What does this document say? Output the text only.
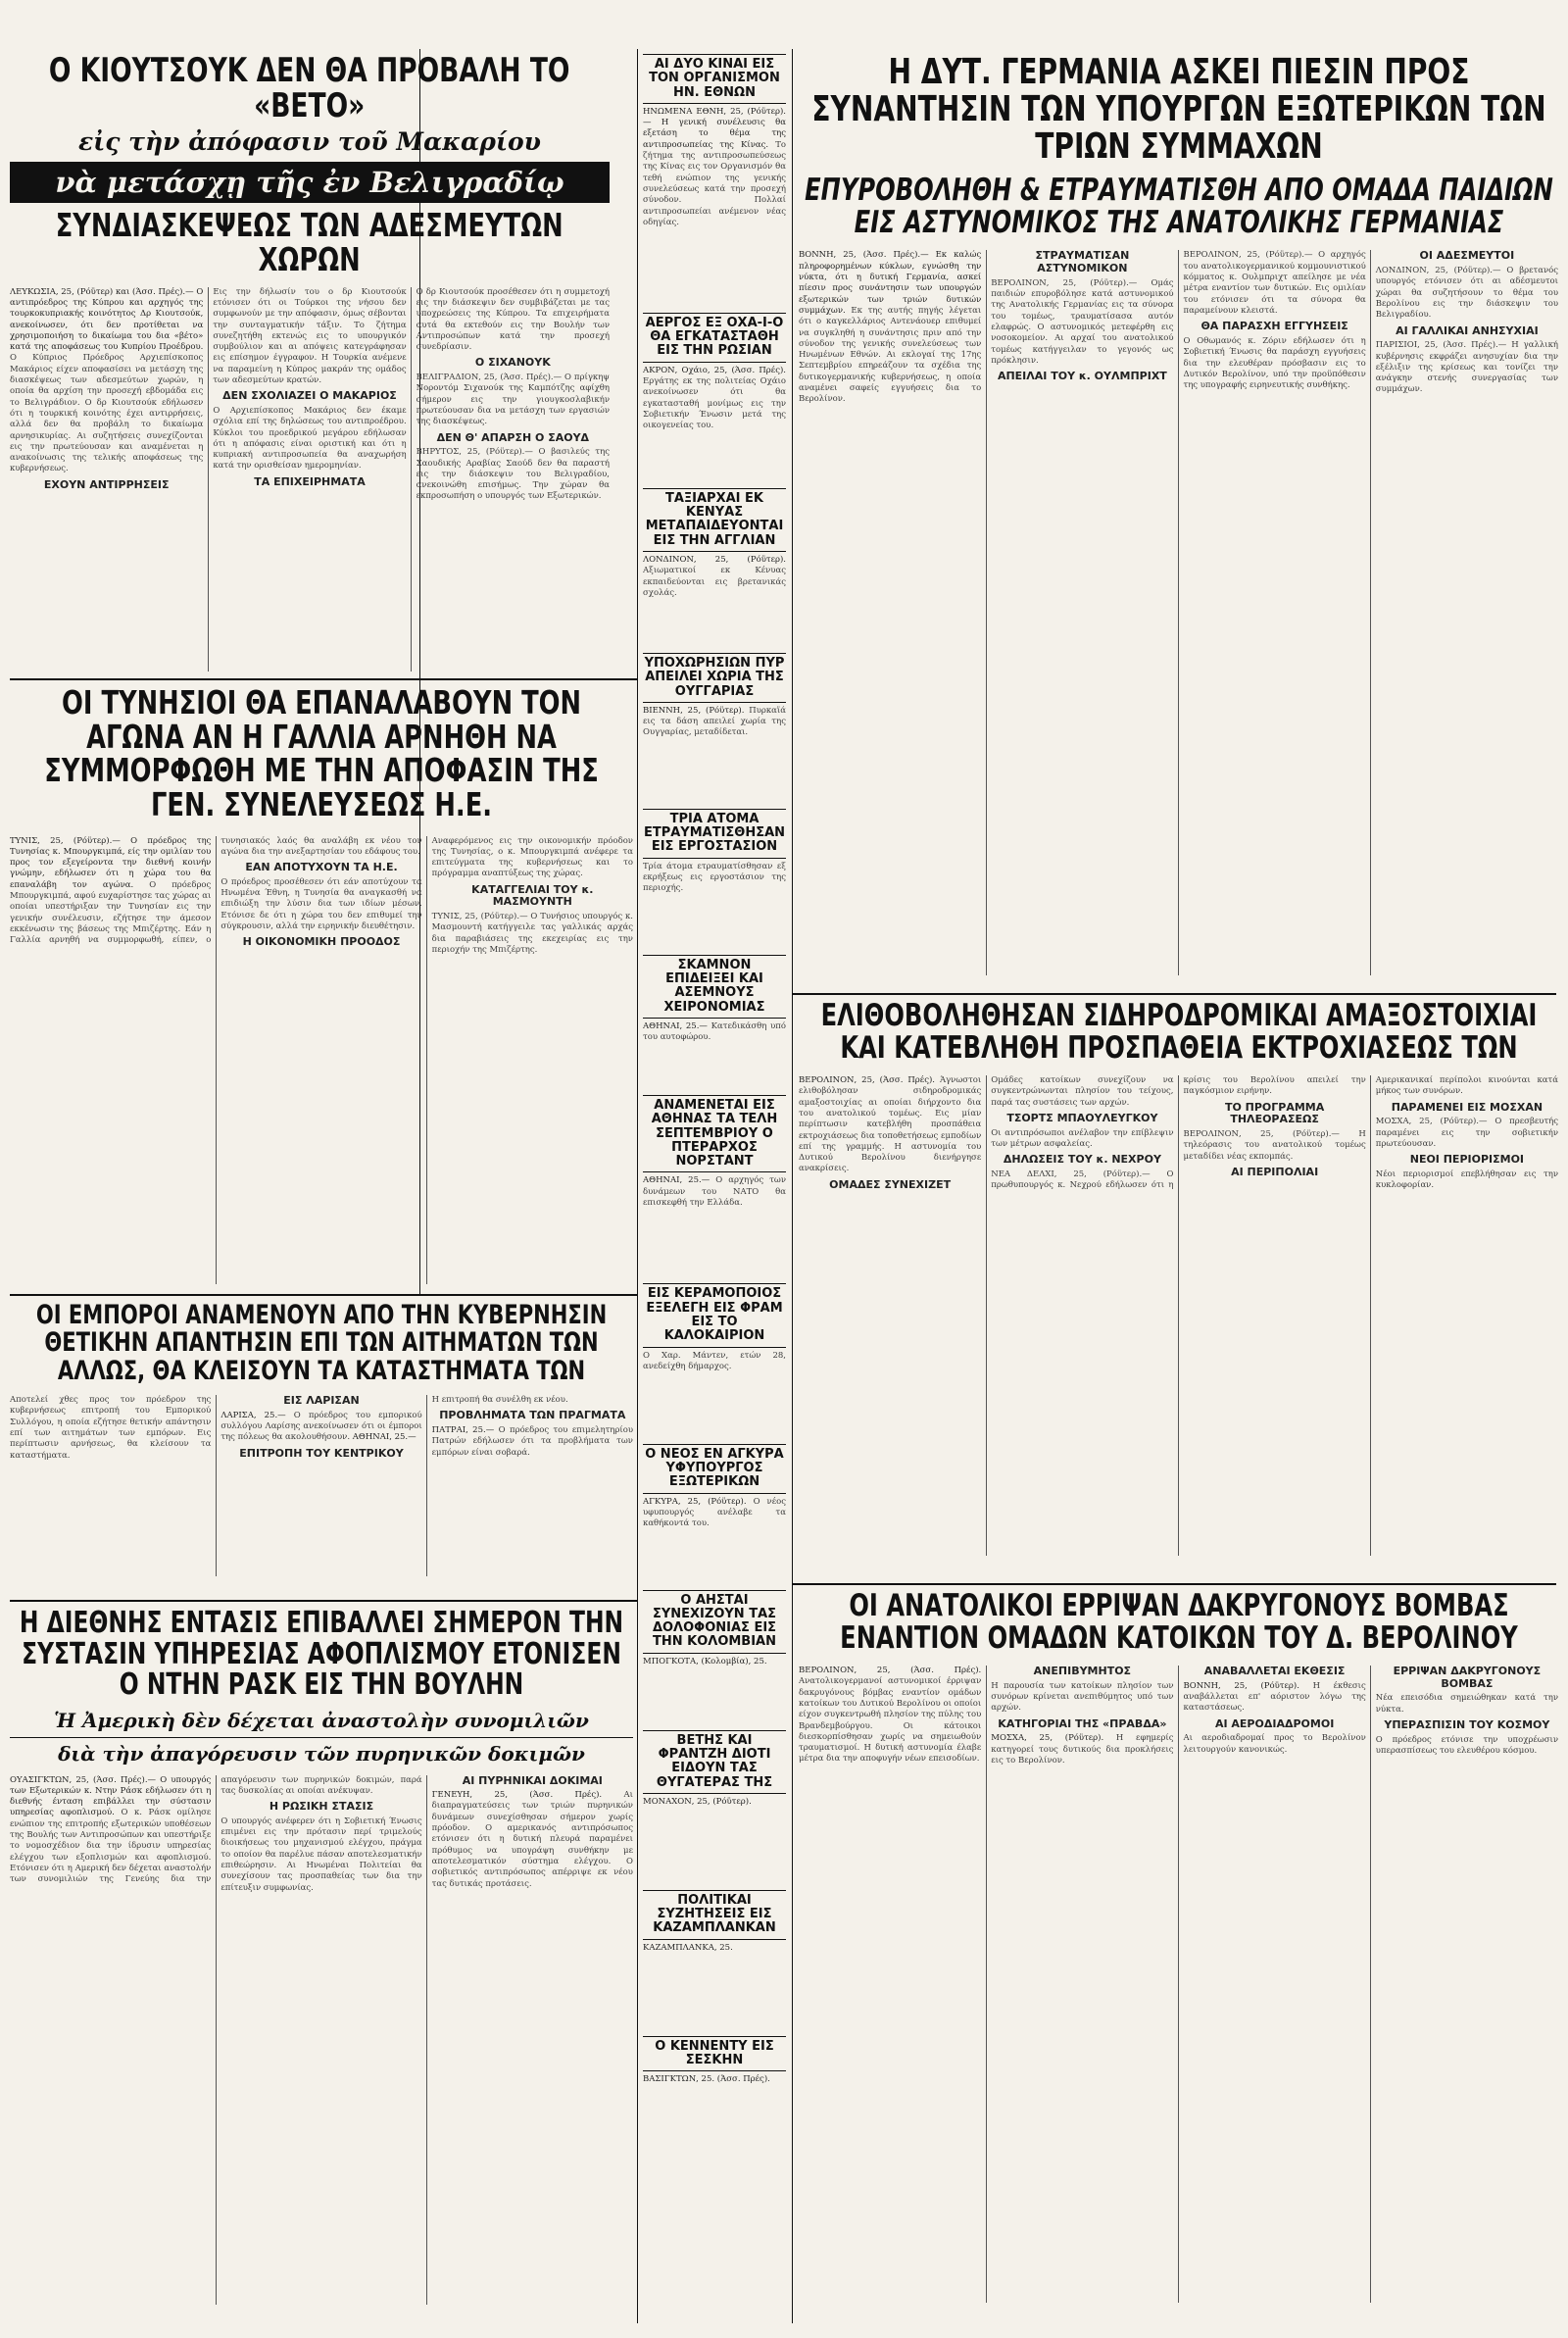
Ο ΚΙΟΥΤΣΟΥΚ ΔΕΝ ΘΑ ΠΡΟΒΑΛΗ ΤΟ «ΒΕΤΟ»
εἰς τὴν ἀπόφασιν τοῦ Μακαρίου
νὰ μετάσχῃ τῆς ἐν Βελιγραδίῳ
ΣΥΝΔΙΑΣΚΕΨΕΩΣ ΤΩΝ ΑΔΕΣΜΕΥΤΩΝ ΧΩΡΩΝ
ΛΕΥΚΩΣΙΑ, 25, (Ρόϋτερ) και (Άσσ. Πρές).— Ο αντιπρόεδρος της Κύπρου και αρχηγός της τουρκοκυπριακής κοινότητος Δρ Κιουτσούκ, ανεκοίνωσεν, ότι δεν προτίθεται να χρησιμοποιήση το δικαίωμα του δια «βέτο» κατά της αποφάσεως του Κυπρίου Προέδρου. Ο Κύπριος Πρόεδρος Αρχιεπίσκοπος Μακάριος είχεν αποφασίσει να μετάσχη της διασκέψεως των αδεσμεύτων χωρών, η οποία θα αρχίση την προσεχή εβδομάδα εις το Βελιγράδιον. Ο δρ Κιουτσούκ εδήλωσεν ότι η τουρκική κοινότης έχει αντιρρήσεις, αλλά δεν θα προβάλη το δικαίωμα αρνησικυρίας. Αι συζητήσεις συνεχίζονται εις την πρωτεύουσαν και αναμένεται η ανακοίνωσις της τελικής αποφάσεως της κυβερνήσεως.
ΕΧΟΥΝ ΑΝΤΙΡΡΗΣΕΙΣ
Εις την δήλωσίν του ο δρ Κιουτσούκ ετόνισεν ότι οι Τούρκοι της νήσου δεν συμφωνούν με την απόφασιν, όμως σέβονται την συνταγματικήν τάξιν. Το ζήτημα συνεζητήθη εκτενώς εις το υπουργικόν συμβούλιον και αι απόψεις κατεγράφησαν εις επίσημον έγγραφον. Η Τουρκία ανέμενε να παραμείνη η Κύπρος μακράν της ομάδος των αδεσμεύτων κρατών.
ΔΕΝ ΣΧΟΛΙΑΖΕΙ Ο ΜΑΚΑΡΙΟΣ
Ο Αρχιεπίσκοπος Μακάριος δεν έκαμε σχόλια επί της δηλώσεως του αντιπροέδρου. Κύκλοι του προεδρικού μεγάρου εδήλωσαν ότι η απόφασις είναι οριστική και ότι η κυπριακή αντιπροσωπεία θα αναχωρήση κατά την ορισθείσαν ημερομηνίαν.
ΤΑ ΕΠΙΧΕΙΡΗΜΑΤΑ
Ο δρ Κιουτσούκ προσέθεσεν ότι η συμμετοχή εις την διάσκεψιν δεν συμβιβάζεται με τας υποχρεώσεις της Κύπρου. Τα επιχειρήματα αυτά θα εκτεθούν εις την Βουλήν των Αντιπροσώπων κατά την προσεχή συνεδρίασιν.
Ο ΣΙΧΑΝΟΥΚ
ΒΕΛΙΓΡΑΔΙΟΝ, 25, (Άσσ. Πρές).— Ο πρίγκηψ Νοροντόμ Σιχανούκ της Καμπότζης αφίχθη σήμερον εις την γιουγκοσλαβικήν πρωτεύουσαν δια να μετάσχη των εργασιών της διασκέψεως.
ΔΕΝ Θ' ΑΠΑΡΣΗ Ο ΣΑΟΥΔ
ΒΗΡΥΤΟΣ, 25, (Ρόϋτερ).— Ο βασιλεύς της Σαουδικής Αραβίας Σαούδ δεν θα παραστή εις την διάσκεψιν του Βελιγραδίου, ανεκοινώθη επισήμως. Την χώραν θα εκπροσωπήση ο υπουργός των Εξωτερικών.
ΑΙ ΔΥΟ ΚΙΝΑΙ ΕΙΣ ΤΟΝ ΟΡΓΑΝΙΣΜΟΝ ΗΝ. ΕΘΝΩΝ
ΗΝΩΜΕΝΑ ΕΘΝΗ, 25, (Ρόϋτερ).— Η γενική συνέλευσις θα εξετάση το θέμα της αντιπροσωπείας της Κίνας. Το ζήτημα της αντιπροσωπεύσεως της Κίνας εις τον Οργανισμόν θα τεθή ενώπιον της γενικής συνελεύσεως κατά την προσεχή σύνοδον. Πολλαί αντιπροσωπείαι ανέμενον νέας οδηγίας.
ΑΕΡΓΟΣ ΕΞ ΟΧΑ-Ι-Ο ΘΑ ΕΓΚΑΤΑΣΤΑΘΗ ΕΙΣ ΤΗΝ ΡΩΣΙΑΝ
ΑΚΡΟΝ, Οχάιο, 25, (Άσσ. Πρές). Εργάτης εκ της πολιτείας Οχάιο ανεκοίνωσεν ότι θα εγκατασταθή μονίμως εις την Σοβιετικήν Ένωσιν μετά της οικογενείας του.
ΤΑΞΙΑΡΧΑΙ ΕΚ ΚΕΝΥΑΣ ΜΕΤΑΠΑΙΔΕΥΟΝΤΑΙ ΕΙΣ ΤΗΝ ΑΓΓΛΙΑΝ
ΛΟΝΔΙΝΟΝ, 25, (Ρόϋτερ). Αξιωματικοί εκ Κένυας εκπαιδεύονται εις βρετανικάς σχολάς.
ΥΠΟΧΩΡΗΣΙΩΝ ΠΥΡ ΑΠΕΙΛΕΙ ΧΩΡΙΑ ΤΗΣ ΟΥΓΓΑΡΙΑΣ
ΒΙΕΝΝΗ, 25, (Ρόϋτερ). Πυρκαϊά εις τα δάση απειλεί χωρία της Ουγγαρίας, μεταδίδεται.
ΤΡΙΑ ΑΤΟΜΑ ΕΤΡΑΥΜΑΤΙΣΘΗΣΑΝ ΕΙΣ ΕΡΓΟΣΤΑΣΙΟΝ
Τρία άτομα ετραυματίσθησαν εξ εκρήξεως εις εργοστάσιον της περιοχής.
ΣΚΑΜΝΟΝ ΕΠΙΔΕΙΞΕΙ ΚΑΙ ΑΣΕΜΝΟΥΣ ΧΕΙΡΟΝΟΜΙΑΣ
ΑΘΗΝΑΙ, 25.— Κατεδικάσθη υπό του αυτοφώρου.
ΑΝΑΜΕΝΕΤΑΙ ΕΙΣ ΑΘΗΝΑΣ ΤΑ ΤΕΛΗ ΣΕΠΤΕΜΒΡΙΟΥ Ο ΠΤΕΡΑΡΧΟΣ ΝΟΡΣΤΑΝΤ
ΑΘΗΝΑΙ, 25.— Ο αρχηγός των δυνάμεων του ΝΑΤΟ θα επισκεφθή την Ελλάδα.
ΕΙΣ ΚΕΡΑΜΟΠΟΙΟΣ ΕΞΕΛΕΓΗ ΕΙΣ ΦΡΑΜ ΕΙΣ ΤΟ ΚΑΛΟΚΑΙΡΙΟΝ
Ο Χαρ. Μάντεν, ετών 28, ανεδείχθη δήμαρχος.
Ο ΝΕΟΣ ΕΝ ΑΓΚΥΡΑ ΥΦΥΠΟΥΡΓΟΣ ΕΞΩΤΕΡΙΚΩΝ
ΑΓΚΥΡΑ, 25, (Ρόϋτερ). Ο νέος υφυπουργός ανέλαβε τα καθήκοντά του.
Ο ΑΗΣΤΑΙ ΣΥΝΕΧΙΖΟΥΝ ΤΑΣ ΔΟΛΟΦΟΝΙΑΣ ΕΙΣ ΤΗΝ ΚΟΛΟΜΒΙΑΝ
ΜΠΟΓΚΟΤΑ, (Κολομβία), 25.
ΒΕΤΗΣ ΚΑΙ ΦΡΑΝΤΖΗ ΔΙΟΤΙ ΕΙΔΟΥΝ ΤΑΣ ΘΥΓΑΤΕΡΑΣ ΤΗΣ
ΜΟΝΑΧΟΝ, 25, (Ρόϋτερ).
ΠΟΛΙΤΙΚΑΙ ΣΥΖΗΤΗΣΕΙΣ ΕΙΣ ΚΑΖΑΜΠΛΑΝΚΑΝ
ΚΑΖΑΜΠΛΑΝΚΑ, 25.
Ο ΚΕΝΝΕΝΤΥ ΕΙΣ ΣΕΣΚΗΝ
ΒΑΣΙΓΚΤΩΝ, 25. (Άσσ. Πρές).
Η ΔΥΤ. ΓΕΡΜΑΝΙΑ ΑΣΚΕΙ ΠΙΕΣΙΝ ΠΡΟΣ ΣΥΝΑΝΤΗΣΙΝ ΤΩΝ ΥΠΟΥΡΓΩΝ ΕΞΩΤΕΡΙΚΩΝ ΤΩΝ ΤΡΙΩΝ ΣΥΜΜΑΧΩΝ
ΕΠΥΡΟΒΟΛΗΘΗ & ΕΤΡΑΥΜΑΤΙΣΘΗ ΑΠΟ ΟΜΑΔΑ ΠΑΙΔΙΩΝ ΕΙΣ ΑΣΤΥΝΟΜΙΚΟΣ ΤΗΣ ΑΝΑΤΟΛΙΚΗΣ ΓΕΡΜΑΝΙΑΣ
ΒΟΝΝΗ, 25, (Άσσ. Πρές).— Εκ καλώς πληροφορημένων κύκλων, εγνώσθη την νύκτα, ότι η δυτική Γερμανία, ασκεί πίεσιν προς συνάντησιν των υπουργών εξωτερικών των τριών δυτικών συμμάχων. Εκ της αυτής πηγής λέγεται ότι ο καγκελλάριος Αντενάουερ επιθυμεί να συγκληθή η συνάντησις πριν από την σύνοδον της γενικής συνελεύσεως των Ηνωμένων Εθνών. Αι εκλογαί της 17ης Σεπτεμβρίου επηρεάζουν τα σχέδια της δυτικογερμανικής κυβερνήσεως, η οποία αναμένει σαφείς εγγυήσεις δια το Βερολίνον.
ΣΤΡΑΥΜΑΤΙΣΑΝ ΑΣΤΥΝΟΜΙΚΟΝ
ΒΕΡΟΛΙΝΟΝ, 25, (Ρόϋτερ).— Ομάς παιδιών επυροβόλησε κατά αστυνομικού της Ανατολικής Γερμανίας εις τα σύνορα του τομέως, τραυματίσασα αυτόν ελαφρώς. Ο αστυνομικός μετεφέρθη εις νοσοκομείον. Αι αρχαί του ανατολικού τομέως κατήγγειλαν το γεγονός ως πρόκλησιν.
ΑΠΕΙΛΑΙ ΤΟΥ κ. ΟΥΛΜΠΡΙΧΤ
ΒΕΡΟΛΙΝΟΝ, 25, (Ρόϋτερ).— Ο αρχηγός του ανατολικογερμανικού κομμουνιστικού κόμματος κ. Ουλμπριχτ απείλησε με νέα μέτρα εναντίον των δυτικών. Εις ομιλίαν του ετόνισεν ότι τα σύνορα θα παραμείνουν κλειστά.
ΘΑ ΠΑΡΑΣΧΗ ΕΓΓΥΗΣΕΙΣ
Ο Οθωμανός κ. Ζόριν εδήλωσεν ότι η Σοβιετική Ένωσις θα παράσχη εγγυήσεις δια την ελευθέραν πρόσβασιν εις το Δυτικόν Βερολίνον, υπό την προϋπόθεσιν της υπογραφής ειρηνευτικής συνθήκης.
ΟΙ ΑΔΕΣΜΕΥΤΟΙ
ΛΟΝΔΙΝΟΝ, 25, (Ρόϋτερ).— Ο βρετανός υπουργός ετόνισεν ότι αι αδέσμευτοι χώραι θα συζητήσουν το θέμα του Βερολίνου εις την διάσκεψιν του Βελιγραδίου.
ΑΙ ΓΑΛΛΙΚΑΙ ΑΝΗΣΥΧΙΑΙ
ΠΑΡΙΣΙΟΙ, 25, (Άσσ. Πρές).— Η γαλλική κυβέρνησις εκφράζει ανησυχίαν δια την εξέλιξιν της κρίσεως και τονίζει την ανάγκην στενής συνεργασίας των συμμάχων.
ΟΙ ΤΥΝΗΣΙΟΙ ΘΑ ΕΠΑΝΑΛΑΒΟΥΝ ΤΟΝ ΑΓΩΝΑ ΑΝ Η ΓΑΛΛΙΑ ΑΡΝΗΘΗ ΝΑ ΣΥΜΜΟΡΦΩΘΗ ΜΕ ΤΗΝ ΑΠΟΦΑΣΙΝ ΤΗΣ ΓΕΝ. ΣΥΝΕΛΕΥΣΕΩΣ Η.Ε.
ΤΥΝΙΣ, 25, (Ρόϋτερ).— Ο πρόεδρος της Τυνησίας κ. Μπουργκιμπά, είς την ομιλίαν του προς τον εξεγείροντα την διεθνή κοινήν γνώμην, εδήλωσεν ότι η χώρα του θα επαναλάβη τον αγώνα. Ο πρόεδρος Μπουργκιμπά, αφού ευχαρίστησε τας χώρας αι οποίαι υπεστήριξαν την Τυνησίαν εις την γενικήν συνέλευσιν, εζήτησε την άμεσον εκκένωσιν της βάσεως της Μπιζέρτης. Εάν η Γαλλία αρνηθή να συμμορφωθή, είπεν, ο τυνησιακός λαός θα αναλάβη εκ νέου τον αγώνα δια την ανεξαρτησίαν του εδάφους του.
ΕΑΝ ΑΠΟΤΥΧΟΥΝ ΤΑ Η.Ε.
Ο πρόεδρος προσέθεσεν ότι εάν αποτύχουν τα Ηνωμένα Έθνη, η Τυνησία θα αναγκασθή να επιδιώξη την λύσιν δια των ιδίων μέσων. Ετόνισε δε ότι η χώρα του δεν επιθυμεί την σύγκρουσιν, αλλά την ειρηνικήν διευθέτησιν.
Η ΟΙΚΟΝΟΜΙΚΗ ΠΡΟΟΔΟΣ
Αναφερόμενος εις την οικονομικήν πρόοδον της Τυνησίας, ο κ. Μπουργκιμπά ανέφερε τα επιτεύγματα της κυβερνήσεως και το πρόγραμμα αναπτύξεως της χώρας.
ΚΑΤΑΓΓΕΛΙΑΙ ΤΟΥ κ. ΜΑΣΜΟΥΝΤΗ
ΤΥΝΙΣ, 25, (Ρόϋτερ).— Ο Τυνήσιος υπουργός κ. Μασμουντή κατήγγειλε τας γαλλικάς αρχάς δια παραβιάσεις της εκεχειρίας εις την περιοχήν της Μπιζέρτης.
ΟΙ ΕΜΠΟΡΟΙ ΑΝΑΜΕΝΟΥΝ ΑΠΟ ΤΗΝ ΚΥΒΕΡΝΗΣΙΝ ΘΕΤΙΚΗΝ ΑΠΑΝΤΗΣΙΝ ΕΠΙ ΤΩΝ ΑΙΤΗΜΑΤΩΝ ΤΩΝ ΑΛΛΩΣ, ΘΑ ΚΛΕΙΣΟΥΝ ΤΑ ΚΑΤΑΣΤΗΜΑΤΑ ΤΩΝ
Αποτελεί χθες προς τον πρόεδρον της κυβερνήσεως επιτροπή του Εμπορικού Συλλόγου, η οποία εζήτησε θετικήν απάντησιν επί των αιτημάτων των εμπόρων. Εις περίπτωσιν αρνήσεως, θα κλείσουν τα καταστήματα.
ΕΙΣ ΛΑΡΙΣΑΝ
ΛΑΡΙΣΑ, 25.— Ο πρόεδρος του εμπορικού συλλόγου Λαρίσης ανεκοίνωσεν ότι οι έμποροι της πόλεως θα ακολουθήσουν. ΑΘΗΝΑΙ, 25.—
ΕΠΙΤΡΟΠΗ ΤΟΥ ΚΕΝΤΡΙΚΟΥ
Η επιτροπή θα συνέλθη εκ νέου.
ΠΡΟΒΛΗΜΑΤΑ ΤΩΝ ΠΡΑΓΜΑΤΑ
ΠΑΤΡΑΙ, 25.— Ο πρόεδρος του επιμελητηρίου Πατρών εδήλωσεν ότι τα προβλήματα των εμπόρων είναι σοβαρά.
ΕΛΙΘΟΒΟΛΗΘΗΣΑΝ ΣΙΔΗΡΟΔΡΟΜΙΚΑΙ ΑΜΑΞΟΣΤΟΙΧΙΑΙ ΚΑΙ ΚΑΤΕΒΛΗΘΗ ΠΡΟΣΠΑΘΕΙΑ ΕΚΤΡΟΧΙΑΣΕΩΣ ΤΩΝ
ΒΕΡΟΛΙΝΟΝ, 25, (Άσσ. Πρές). Άγνωστοι ελιθοβόλησαν σιδηροδρομικάς αμαξοστοιχίας αι οποίαι διήρχοντο δια του ανατολικού τομέως. Εις μίαν περίπτωσιν κατεβλήθη προσπάθεια εκτροχιάσεως δια τοποθετήσεως εμποδίων επί της γραμμής. Η αστυνομία του Δυτικού Βερολίνου διενήργησε ανακρίσεις.
ΟΜΑΔΕΣ ΣΥΝΕΧΙΖΕΤ
Ομάδες κατοίκων συνεχίζουν να συγκεντρώνωνται πλησίον του τείχους, παρά τας συστάσεις των αρχών.
ΤΣΟΡΤΣ ΜΠΑΟΥΛΕΥΓΚΟΥ
Οι αντιπρόσωποι ανέλαβον την επίβλεψιν των μέτρων ασφαλείας.
ΔΗΛΩΣΕΙΣ ΤΟΥ κ. ΝΕΧΡΟΥ
ΝΕΑ ΔΕΛΧΙ, 25, (Ρόϋτερ).— Ο πρωθυπουργός κ. Νεχρού εδήλωσεν ότι η κρίσις του Βερολίνου απειλεί την παγκόσμιον ειρήνην.
ΤΟ ΠΡΟΓΡΑΜΜΑ ΤΗΛΕΟΡΑΣΕΩΣ
ΒΕΡΟΛΙΝΟΝ, 25, (Ρόϋτερ).— Η τηλεόρασις του ανατολικού τομέως μεταδίδει νέας εκπομπάς.
ΑΙ ΠΕΡΙΠΟΛΙΑΙ
Αμερικανικαί περίπολοι κινούνται κατά μήκος των συνόρων.
ΠΑΡΑΜΕΝΕΙ ΕΙΣ ΜΟΣΧΑΝ
ΜΟΣΧΑ, 25, (Ρόϋτερ).— Ο πρεσβευτής παραμένει εις την σοβιετικήν πρωτεύουσαν.
ΝΕΟΙ ΠΕΡΙΟΡΙΣΜΟΙ
Νέοι περιορισμοί επεβλήθησαν εις την κυκλοφορίαν.
Η ΔΙΕΘΝΗΣ ΕΝΤΑΣΙΣ ΕΠΙΒΑΛΛΕΙ ΣΗΜΕΡΟΝ ΤΗΝ ΣΥΣΤΑΣΙΝ ΥΠΗΡΕΣΙΑΣ ΑΦΟΠΛΙΣΜΟΥ ΕΤΟΝΙΣΕΝ Ο ΝΤΗΝ ΡΑΣΚ ΕΙΣ ΤΗΝ ΒΟΥΛΗΝ
Ἡ Ἀμερικὴ δὲν δέχεται ἀναστολὴν συνομιλιῶν
διὰ τὴν ἀπαγόρευσιν τῶν πυρηνικῶν δοκιμῶν
ΟΥΑΣΙΓΚΤΩΝ, 25, (Άσσ. Πρές).— Ο υπουργός των Εξωτερικών κ. Ντην Ράσκ εδήλωσεν ότι η διεθνής ένταση επιβάλλει την σύστασιν υπηρεσίας αφοπλισμού. Ο κ. Ράσκ ομίλησε ενώπιον της επιτροπής εξωτερικών υποθέσεων της Βουλής των Αντιπροσώπων και υπεστήριξε το νομοσχέδιον δια την ίδρυσιν υπηρεσίας ελέγχου των εξοπλισμών και αφοπλισμού. Ετόνισεν ότι η Αμερική δεν δέχεται αναστολήν των συνομιλιών της Γενεύης δια την απαγόρευσιν των πυρηνικών δοκιμών, παρά τας δυσκολίας αι οποίαι ανέκυψαν.
Η ΡΩΣΙΚΗ ΣΤΑΣΙΣ
Ο υπουργός ανέφερεν ότι η Σοβιετική Ένωσις επιμένει εις την πρότασιν περί τριμελούς διοικήσεως του μηχανισμού ελέγχου, πράγμα το οποίον θα παρέλυε πάσαν αποτελεσματικήν επιθεώρησιν. Αι Ηνωμέναι Πολιτείαι θα συνεχίσουν τας προσπαθείας των δια την επίτευξιν συμφωνίας.
ΑΙ ΠΥΡΗΝΙΚΑΙ ΔΟΚΙΜΑΙ
ΓΕΝΕΥΗ, 25, (Άσσ. Πρές).	Αι διαπραγματεύσεις των τριών πυρηνικών δυνάμεων συνεχίσθησαν σήμερον χωρίς πρόοδον. Ο αμερικανός αντιπρόσωπος ετόνισεν ότι η δυτική πλευρά παραμένει πρόθυμος να υπογράψη συνθήκην με αποτελεσματικόν σύστημα ελέγχου. Ο σοβιετικός αντιπρόσωπος απέρριψε εκ νέου τας δυτικάς προτάσεις.
ΟΙ ΑΝΑΤΟΛΙΚΟΙ ΕΡΡΙΨΑΝ ΔΑΚΡΥΓΟΝΟΥΣ ΒΟΜΒΑΣ ΕΝΑΝΤΙΟΝ ΟΜΑΔΩΝ ΚΑΤΟΙΚΩΝ ΤΟΥ Δ. ΒΕΡΟΛΙΝΟΥ
ΒΕΡΟΛΙΝΟΝ, 25, (Άσσ. Πρές). Ανατολικογερμανοί αστυνομικοί έρριψαν δακρυγόνους βόμβας εναντίον ομάδων κατοίκων του Δυτικού Βερολίνου οι οποίοι είχον συγκεντρωθή πλησίον της πύλης του Βρανδεμβούργου. Οι κάτοικοι διεσκορπίσθησαν χωρίς να σημειωθούν τραυματισμοί. Η δυτική αστυνομία έλαβε μέτρα δια την αποφυγήν νέων επεισοδίων.
ΑΝΕΠΙΒΥΜΗΤΟΣ
Η παρουσία των κατοίκων πλησίον των συνόρων κρίνεται ανεπιθύμητος υπό των αρχών.
ΚΑΤΗΓΟΡΙΑΙ ΤΗΣ «ΠΡΑΒΔΑ»
ΜΟΣΧΑ, 25, (Ρόϋτερ). Η εφημερίς κατηγορεί τους δυτικούς δια προκλήσεις εις το Βερολίνον.
ΑΝΑΒΑΛΛΕΤΑΙ ΕΚΘΕΣΙΣ
ΒΟΝΝΗ, 25, (Ρόϋτερ). Η έκθεσις αναβάλλεται επ' αόριστον λόγω της καταστάσεως.
ΑΙ ΑΕΡΟΔΙΑΔΡΟΜΟΙ
Αι αεροδιαδρομαί προς το Βερολίνον λειτουργούν κανονικώς.
ΕΡΡΙΨΑΝ ΔΑΚΡΥΓΟΝΟΥΣ ΒΟΜΒΑΣ
Νέα επεισόδια σημειώθηκαν κατά την νύκτα.
ΥΠΕΡΑΣΠΙΣΙΝ ΤΟΥ ΚΟΣΜΟΥ
Ο πρόεδρος ετόνισε την υποχρέωσιν υπερασπίσεως του ελευθέρου κόσμου.
